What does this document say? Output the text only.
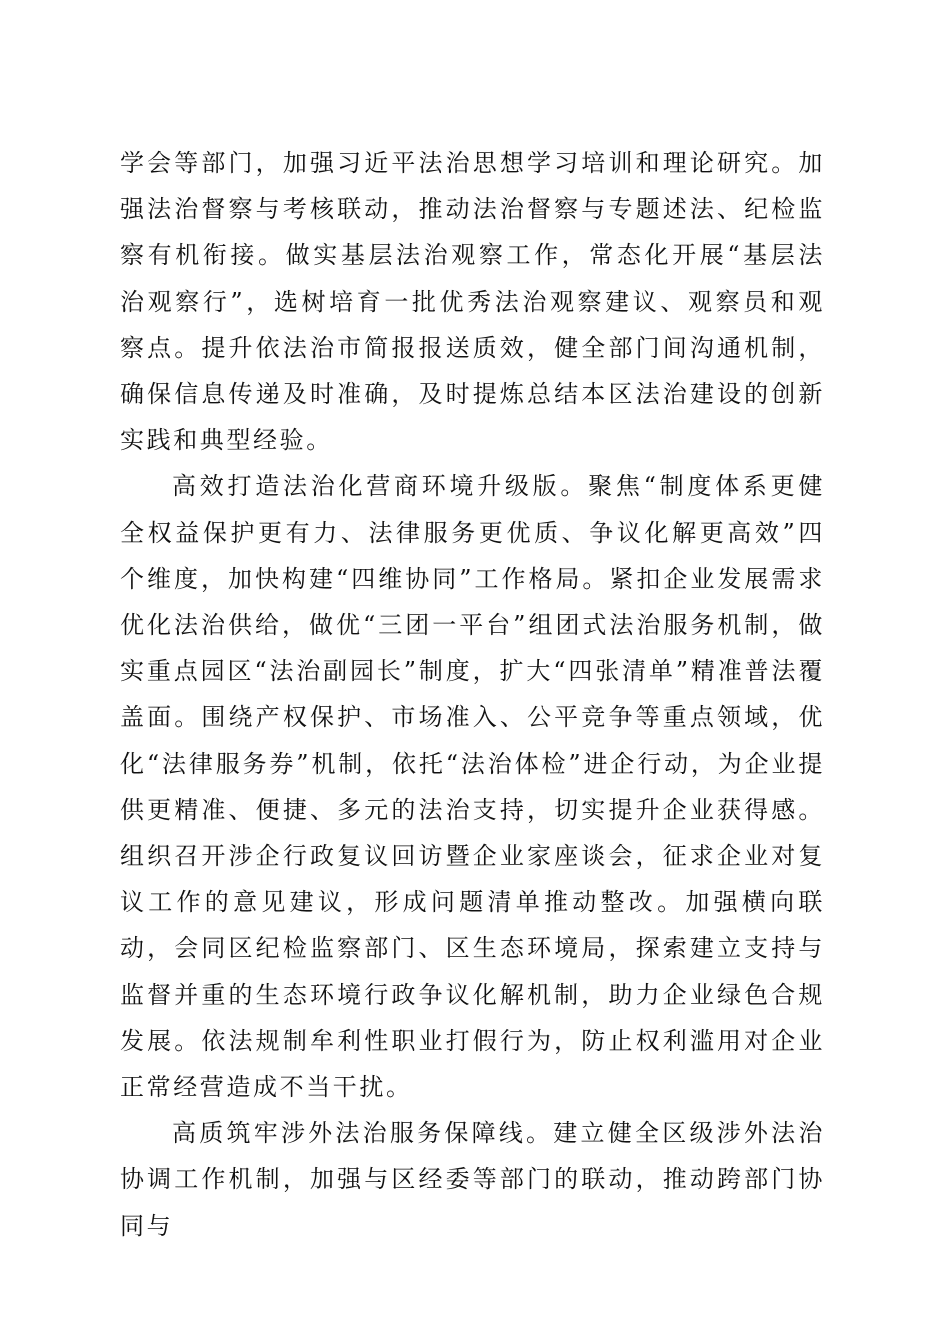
学会等部门，加强习近平法治思想学习培训和理论研究。加强法治督察与考核联动，推动法治督察与专题述法、纪检监察有机衔接。做实基层法治观察工作，常态化开展“基层法治观察行”，选树培育一批优秀法治观察建议、观察员和观察点。提升依法治市简报报送质效，健全部门间沟通机制，确保信息传递及时准确，及时提炼总结本区法治建设的创新实践和典型经验。

高效打造法治化营商环境升级版。聚焦“制度体系更健全权益保护更有力、法律服务更优质、争议化解更高效”四个维度，加快构建“四维协同”工作格局。紧扣企业发展需求优化法治供给，做优“三团一平台”组团式法治服务机制，做实重点园区“法治副园长”制度，扩大“四张清单”精准普法覆盖面。围绕产权保护、市场准入、公平竞争等重点领域，优化“法律服务券”机制，依托“法治体检”进企行动，为企业提供更精准、便捷、多元的法治支持，切实提升企业获得感。组织召开涉企行政复议回访暨企业家座谈会，征求企业对复议工作的意见建议，形成问题清单推动整改。加强横向联动，会同区纪检监察部门、区生态环境局，探索建立支持与监督并重的生态环境行政争议化解机制，助力企业绿色合规发展。依法规制牟利性职业打假行为，防止权利滥用对企业正常经营造成不当干扰。

高质筑牢涉外法治服务保障线。建立健全区级涉外法治协调工作机制，加强与区经委等部门的联动，推动跨部门协同与
